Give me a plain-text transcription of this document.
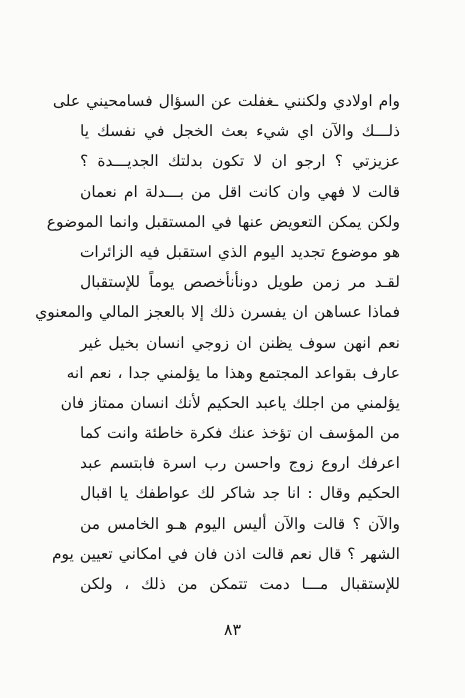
وام اولادي ولكنني ـغفلت عن السؤال فسامحيني على
ذلـــك والآن اي شيء بعث الخجل في نفسك يا
عزيزتي ؟ ارجو ان لا تكون بدلتك الجديـــدة ؟
قالت لا فهي وان كانت اقل من بـــدلة ام نعمان
ولكن يمكن التعويض عنها في المستقبل وانما الموضوع
هو موضوع تجديد اليوم الذي استقبل فيه الزائرات
لقـد مر زمن طويل دونأنأخصص يوماً للإستقبال
فماذا عساهن ان يفسرن ذلك إلا بالعجز المالي والمعنوي
نعم انهن سوف يظنن ان زوجي انسان بخيل غير
عارف بقواعد المجتمع وهذا ما يؤلمني جدا ، نعم انه
يؤلمني من اجلك ياعبد الحكيم لأنك انسان ممتاز فان
من المؤسف ان تؤخذ عنك فكرة خاطئة وانت كما
اعرفك اروع زوج واحسن رب اسرة فابتسم عبد
الحكيم وقال : انا جد شاكر لك عواطفك يا اقبال
والآن ؟ قالت والآن أليس اليوم هـو الخامس من
الشهر ؟ قال نعم قالت اذن فان في امكاني تعيين يوم
للإستقبال مـــا دمت تتمكن من ذلك ، ولكن
٨٣
